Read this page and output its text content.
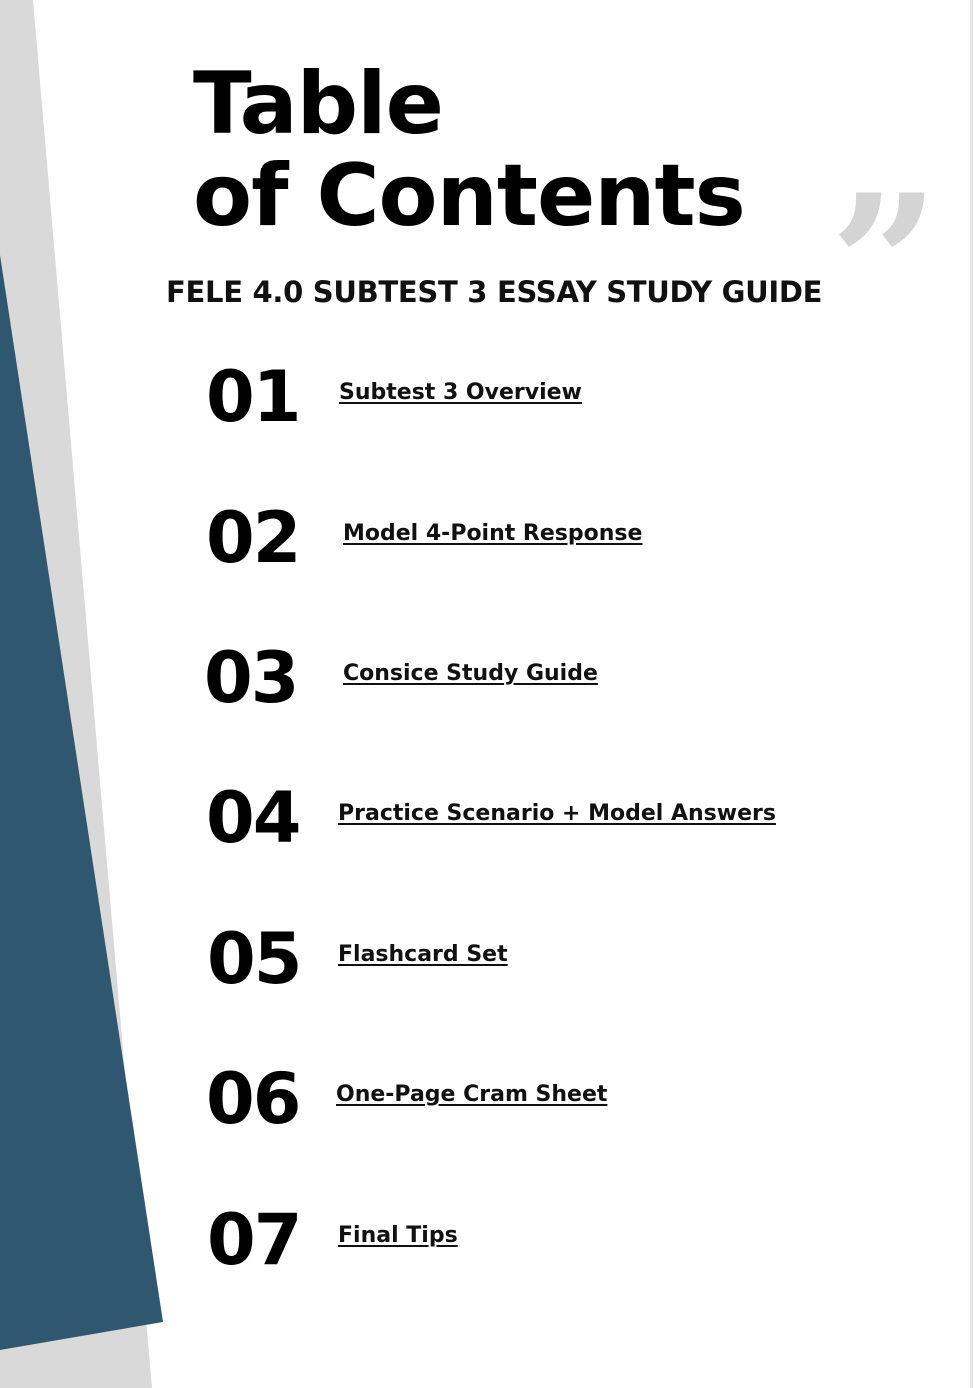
Table
of Contents ”
FELE 4.0 SUBTEST 3 ESSAY STUDY GUIDE
01 Subtest 3 Overview
02 Model 4-Point Response
03 Consice Study Guide
04 Practice Scenario + Model Answers
05 Flashcard Set
06 One-Page Cram Sheet
07 Final Tips
